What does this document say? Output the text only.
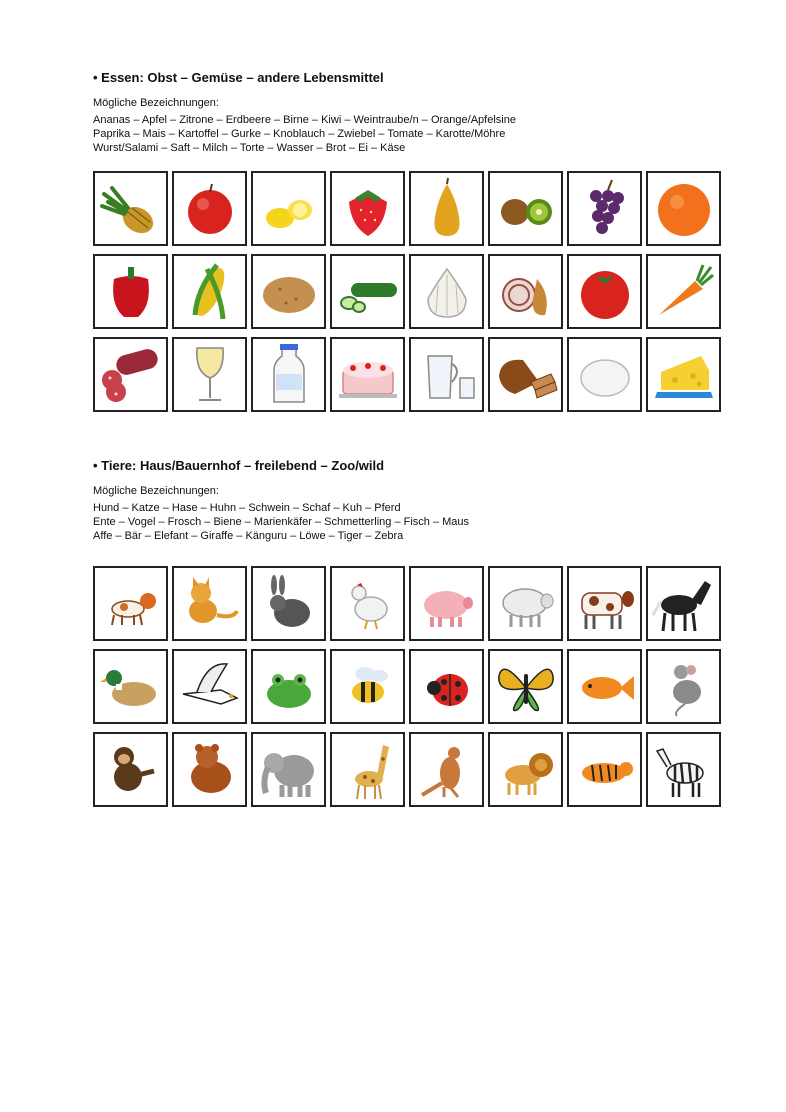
• Essen: Obst – Gemüse – andere Lebensmittel
Mögliche Bezeichnungen:
Ananas – Apfel – Zitrone – Erdbeere – Birne – Kiwi – Weintraube/n – Orange/Apfelsine
Paprika – Mais – Kartoffel – Gurke – Knoblauch – Zwiebel – Tomate – Karotte/Möhre
Wurst/Salami – Saft – Milch – Torte – Wasser – Brot – Ei – Käse
• Tiere: Haus/Bauernhof – freilebend – Zoo/wild
Mögliche Bezeichnungen:
Hund – Katze – Hase – Huhn – Schwein – Schaf – Kuh – Pferd
Ente – Vogel – Frosch – Biene – Marienkäfer – Schmetterling – Fisch – Maus
Affe – Bär – Elefant – Giraffe – Känguru – Löwe – Tiger – Zebra
